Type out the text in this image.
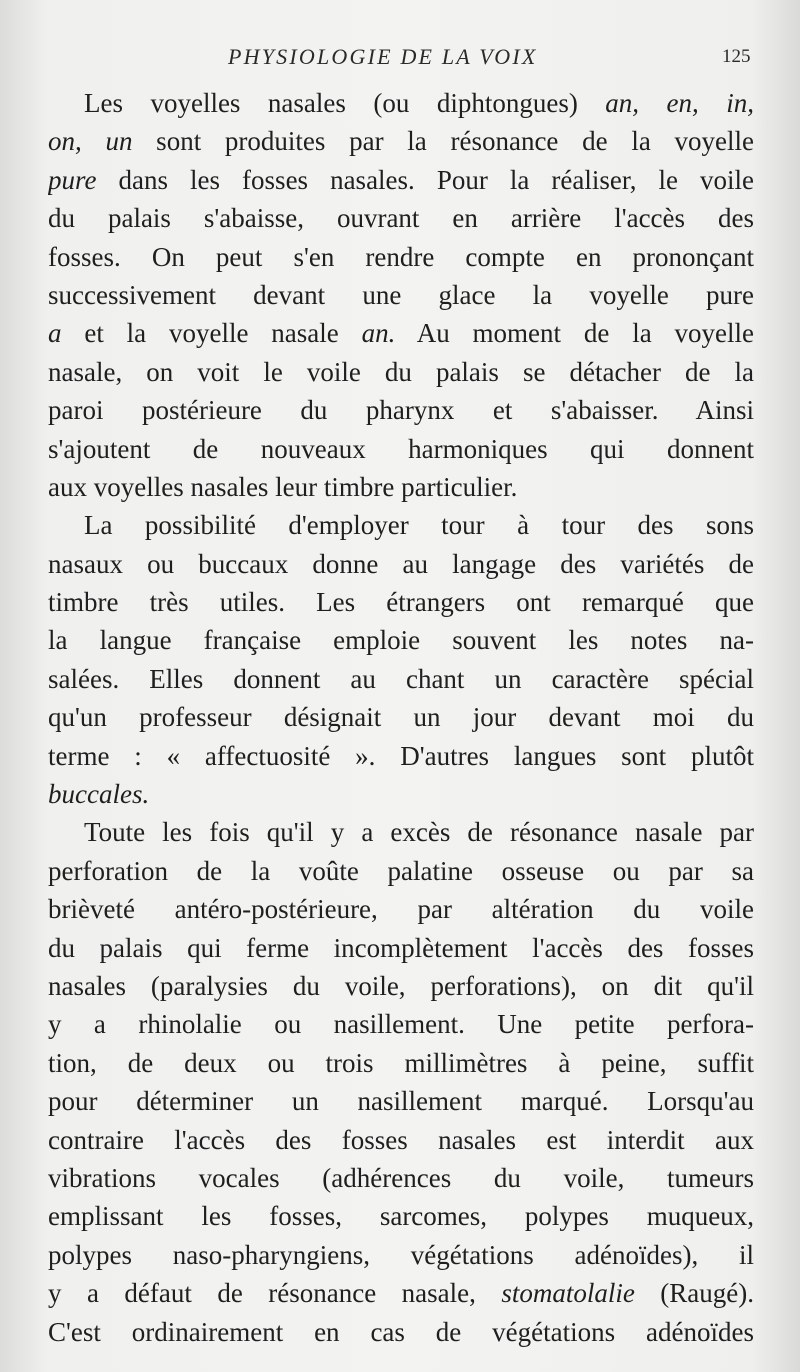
PHYSIOLOGIE DE LA VOIX	125
Les voyelles nasales (ou diphtongues) an, en, in,
on, un sont produites par la résonance de la voyelle
pure dans les fosses nasales. Pour la réaliser, le voile
du palais s'abaisse, ouvrant en arrière l'accès des
fosses. On peut s'en rendre compte en prononçant
successivement devant une glace la voyelle pure
a et la voyelle nasale an. Au moment de la voyelle
nasale, on voit le voile du palais se détacher de la
paroi postérieure du pharynx et s'abaisser. Ainsi
s'ajoutent de nouveaux harmoniques qui donnent
aux voyelles nasales leur timbre particulier.
La possibilité d'employer tour à tour des sons
nasaux ou buccaux donne au langage des variétés de
timbre très utiles. Les étrangers ont remarqué que
la langue française emploie souvent les notes na-
salées. Elles donnent au chant un caractère spécial
qu'un professeur désignait un jour devant moi du
terme : « affectuosité ». D'autres langues sont plutôt
buccales.
Toute les fois qu'il y a excès de résonance nasale par
perforation de la voûte palatine osseuse ou par sa
brièveté antéro-postérieure, par altération du voile
du palais qui ferme incomplètement l'accès des fosses
nasales (paralysies du voile, perforations), on dit qu'il
y a rhinolalie ou nasillement. Une petite perfora-
tion, de deux ou trois millimètres à peine, suffit
pour déterminer un nasillement marqué. Lorsqu'au
contraire l'accès des fosses nasales est interdit aux
vibrations vocales (adhérences du voile, tumeurs
emplissant les fosses, sarcomes, polypes muqueux,
polypes naso-pharyngiens, végétations adénoïdes), il
y a défaut de résonance nasale, stomatolalie (Raugé).
C'est ordinairement en cas de végétations adénoïdes
